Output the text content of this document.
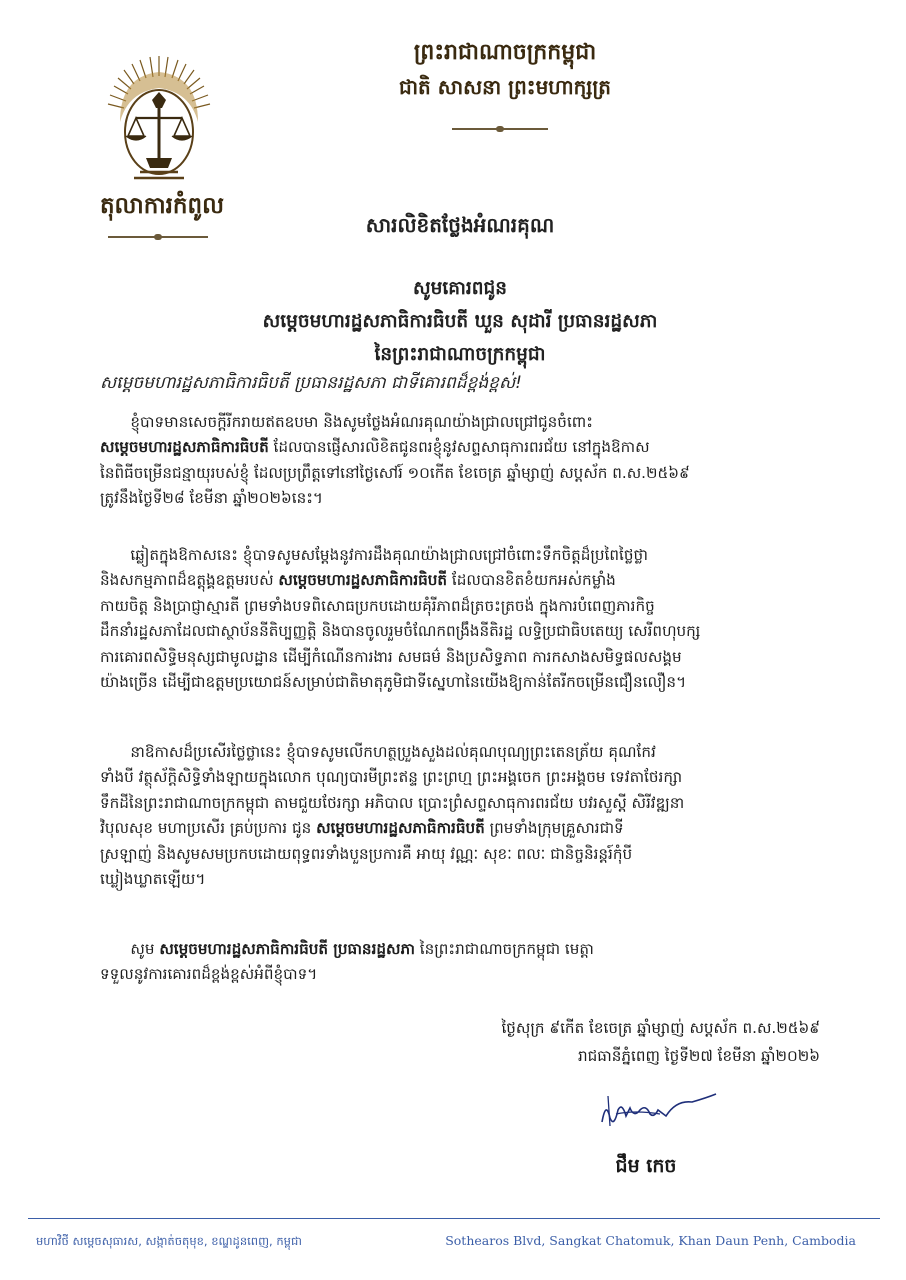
តុលាការកំពូល
ព្រះរាជាណាចក្រកម្ពុជា
ជាតិ សាសនា ព្រះមហាក្សត្រ
សារលិខិតថ្លែងអំណរគុណ
សូមគោរពជូន
សម្តេចមហារដ្ឋសភាធិការធិបតី ឃួន សុដារី ប្រធានរដ្ឋសភា
នៃព្រះរាជាណាចក្រកម្ពុជា
សម្តេចមហារដ្ឋសភាធិការធិបតី ប្រធានរដ្ឋសភា ជាទីគោរពដ៏ខ្ពង់ខ្ពស់!
  ខ្ញុំបាទមានសេចក្តីរីករាយឥតឧបមា និងសូមថ្លែងអំណរគុណយ៉ាងជ្រាលជ្រៅជូនចំពោះ
សម្តេចមហារដ្ឋសភាធិការធិបតី ដែលបានផ្ញើសារលិខិតជូនពរខ្ញុំនូវសព្ទសាធុការពរជ័យ នៅក្នុងឱកាស
នៃពិធីចម្រើនជន្មាយុរបស់ខ្ញុំ ដែលប្រព្រឹត្តទៅនៅថ្ងៃសៅរ៍ ១០កើត ខែចេត្រ ឆ្នាំម្សាញ់ សប្តស័ក ព.ស.២៥៦៩
ត្រូវនឹងថ្ងៃទី២៨ ខែមីនា ឆ្នាំ២០២៦នេះ។
  ឆ្លៀតក្នុងឱកាសនេះ ខ្ញុំបាទសូមសម្តែងនូវការដឹងគុណយ៉ាងជ្រាលជ្រៅចំពោះទឹកចិត្តដ៏ប្រពៃថ្លៃថ្លា
និងសកម្មភាពដ៏ឧត្តុង្គឧត្តមរបស់ សម្តេចមហារដ្ឋសភាធិការធិបតី ដែលបានខិតខំយកអស់កម្លាំង
កាយចិត្ត និងប្រាជ្ញាស្មារតី ព្រមទាំងបទពិសោធប្រកបដោយគុំរីភាពដ៏ត្រចះត្រចង់ ក្នុងការបំពេញភារកិច្ច
ដឹកនាំរដ្ឋសភាដែលជាស្ថាប័ននីតិប្បញ្ញត្តិ និងបានចូលរួមចំណែកពង្រឹងនីតិរដ្ឋ លទ្ធិប្រជាធិបតេយ្យ សេរីពហុបក្ស
ការគោរពសិទ្ធិមនុស្សជាមូលដ្ឋាន ដើម្បីកំណើនការងារ សមធម៌ និងប្រសិទ្ធភាព ការកសាងសមិទ្ធផលសង្គម
យ៉ាងច្រើន ដើម្បីជាឧត្តមប្រយោជន៍សម្រាប់ជាតិមាតុភូមិជាទីស្នេហានៃយើងឱ្យកាន់តែរីកចម្រើនជឿនលឿន។
  នាឱកាសដ៏ប្រសើរថ្លៃថ្លានេះ ខ្ញុំបាទសូមលើកហត្ថប្រួងសួងដល់គុណបុណ្យព្រះតេនត្រ័យ គុណកែវ
ទាំងបី វត្ថុស័ក្តិសិទ្ធិទាំងឡាយក្នុងលោក បុណ្យបារមីព្រះឥន្ទ ព្រះព្រហ្ម ព្រះអង្គចេក ព្រះអង្គចម ទេវតាថែរក្សា
ទឹកដីនៃព្រះរាជាណាចក្រកម្ពុជា តាមជួយថែរក្សា អភិបាល ប្រោះព្រំសព្ទសាធុការពរជ័យ បវរសួស្តី សិរីវឌ្ឍនា
វិបុលសុខ មហាប្រសើរ គ្រប់ប្រការ ជូន សម្តេចមហារដ្ឋសភាធិការធិបតី ព្រមទាំងក្រុមគ្រួសារជាទី
ស្រឡាញ់ និងសូមសមប្រកបដោយពុទ្ធពរទាំងបួនប្រការគឺ អាយុ វណ្ណៈ សុខៈ ពលៈ ជានិច្ចនិរន្តរ៍កុំបី
ឃ្លៀងឃ្លាតឡើយ។
  សូម សម្តេចមហារដ្ឋសភាធិការធិបតី ប្រធានរដ្ឋសភា នៃព្រះរាជាណាចក្រកម្ពុជា មេត្តា
ទទួលនូវការគោរពដ៏ខ្ពង់ខ្ពស់អំពីខ្ញុំបាទ។
ថ្ងៃសុក្រ ៩កើត ខែចេត្រ ឆ្នាំម្សាញ់ សប្តស័ក ព.ស.២៥៦៩
រាជធានីភ្នំពេញ ថ្ងៃទី២៧ ខែមីនា ឆ្នាំ២០២៦
ជឹម កេច
មហាវិថី សម្តេចសុធារស, សង្កាត់ចតុមុខ, ខណ្ឌដូនពេញ, កម្ពុជា	Sothearos Blvd, Sangkat Chatomuk, Khan Daun Penh, Cambodia
